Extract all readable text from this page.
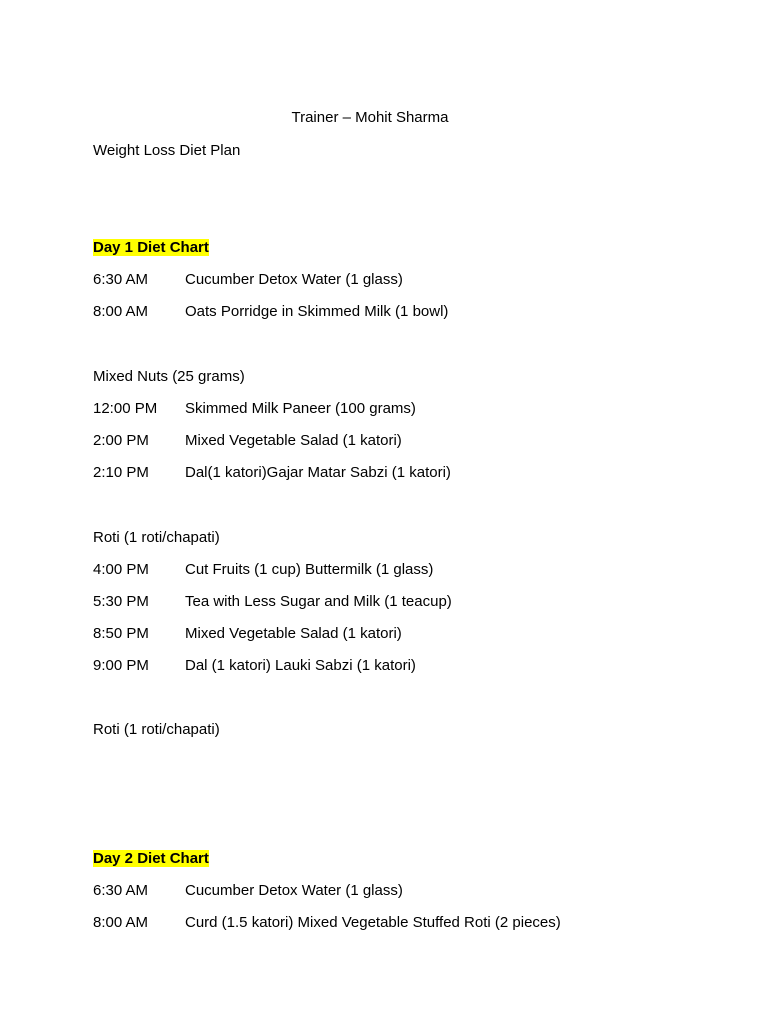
Trainer – Mohit Sharma
Weight Loss Diet Plan
Day 1 Diet Chart
6:30 AM Cucumber Detox Water (1 glass)
8:00 AM Oats Porridge in Skimmed Milk (1 bowl)
Mixed Nuts (25 grams)
12:00 PM Skimmed Milk Paneer (100 grams)
2:00 PM Mixed Vegetable Salad (1 katori)
2:10 PM Dal(1 katori)Gajar Matar Sabzi (1 katori)
Roti (1 roti/chapati)
4:00 PM Cut Fruits (1 cup) Buttermilk (1 glass)
5:30 PM Tea with Less Sugar and Milk (1 teacup)
8:50 PM Mixed Vegetable Salad (1 katori)
9:00 PM Dal (1 katori) Lauki Sabzi (1 katori)
Roti (1 roti/chapati)
Day 2 Diet Chart
6:30 AM Cucumber Detox Water (1 glass)
8:00 AM Curd (1.5 katori) Mixed Vegetable Stuffed Roti (2 pieces)
